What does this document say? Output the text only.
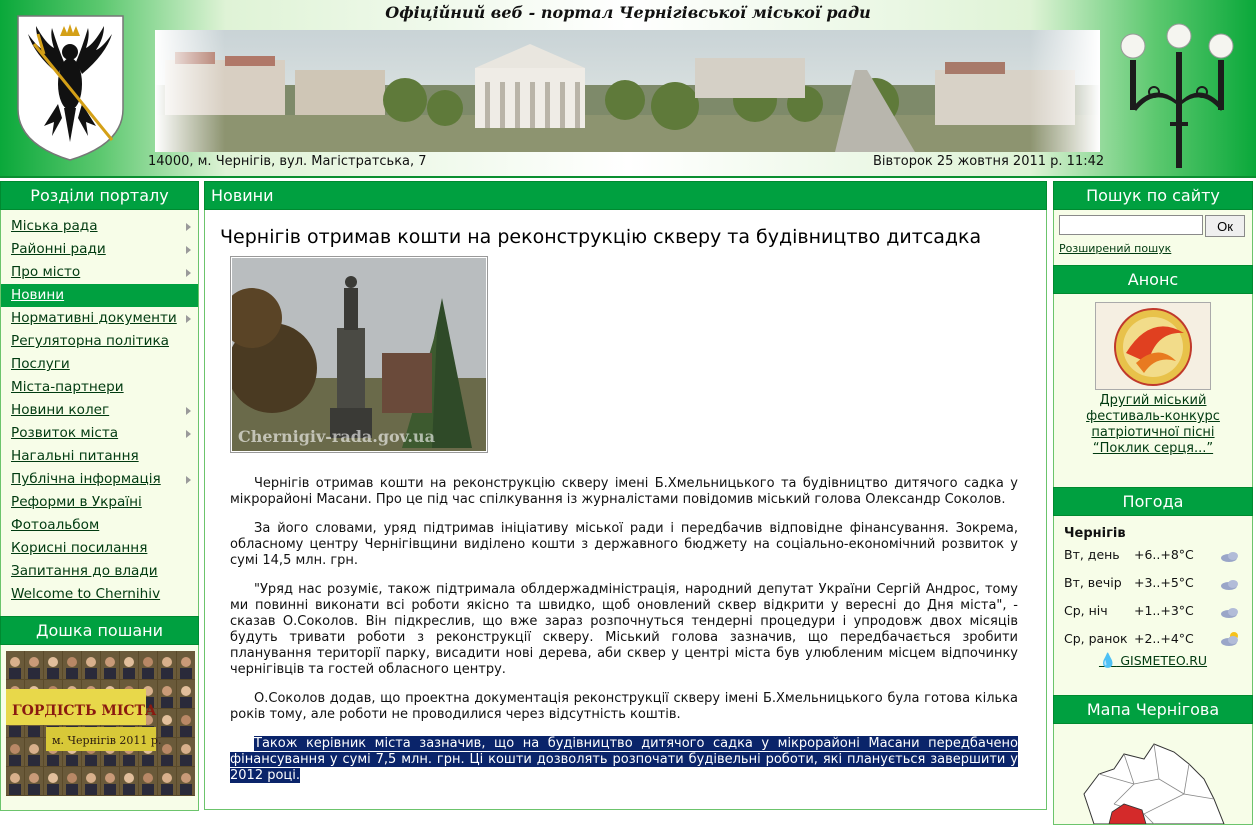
Офіційний веб - портал Чернігівської міської ради
14000, м. Чернігів, вул. Магістратська, 7	Вівторок 25 жовтня 2011 р. 11:42
Розділи порталу
Міська рада
Районні ради
Про місто
Новини
Нормативні документи
Регуляторна політика
Послуги
Міста-партнери
Новини колег
Розвиток міста
Нагальні питання
Публічна інформація
Реформи в Україні
Фотоальбом
Корисні посилання
Запитання до влади
Welcome to Chernihiv
Дошка пошани
ГОРДІСТЬ МІСТА
м. Чернігів 2011 р.
Новини
Чернігів отримав кошти на реконструкцію скверу та будівництво дитсадка
Chernigiv-rada.gov.ua

Чернігів отримав кошти на реконструкцію скверу імені Б.Хмельницького та будівництво дитячого садка у мікрорайоні Масани. Про це під час спілкування із журналістами повідомив міський голова Олександр Соколов.

За його словами, уряд підтримав ініціативу міської ради і передбачив відповідне фінансування. Зокрема, обласному центру Чернігівщини виділено кошти з державного бюджету на соціально-економічний розвиток у сумі 14,5 млн. грн.

"Уряд нас розуміє, також підтримала облдержадміністрація, народний депутат України Сергій Андрос, тому ми повинні виконати всі роботи якісно та швидко, щоб оновлений сквер відкрити у вересні до Дня міста", - сказав О.Соколов. Він підкреслив, що вже зараз розпочнуться тендерні процедури і упродовж двох місяців будуть тривати роботи з реконструкції скверу. Міський голова зазначив, що передбачається зробити планування території парку, висадити нові дерева, аби сквер у центрі міста був улюбленим місцем відпочинку чернігівців та гостей обласного центру.

О.Соколов додав, що проектна документація реконструкції скверу імені Б.Хмельницького була готова кілька років тому, але роботи не проводилися через відсутність коштів.

Також керівник міста зазначив, що на будівництво дитячого садка у мікрорайоні Масани передбачено фінансування у сумі 7,5 млн. грн. Ці кошти дозволять розпочати будівельні роботи, які планується завершити у 2012 році.

Пошук по сайту
Ок
Розширений пошук
Анонс
Другий міський фестиваль-конкурс патріотичної пісні “Поклик серця...”
Погода
Чернігів
Вт, день +6..+8°С
Вт, вечір +3..+5°С
Ср, ніч +1..+3°С
Ср, ранок +2..+4°С
💧 GISMETEO.RU
Мапа Чернігова
